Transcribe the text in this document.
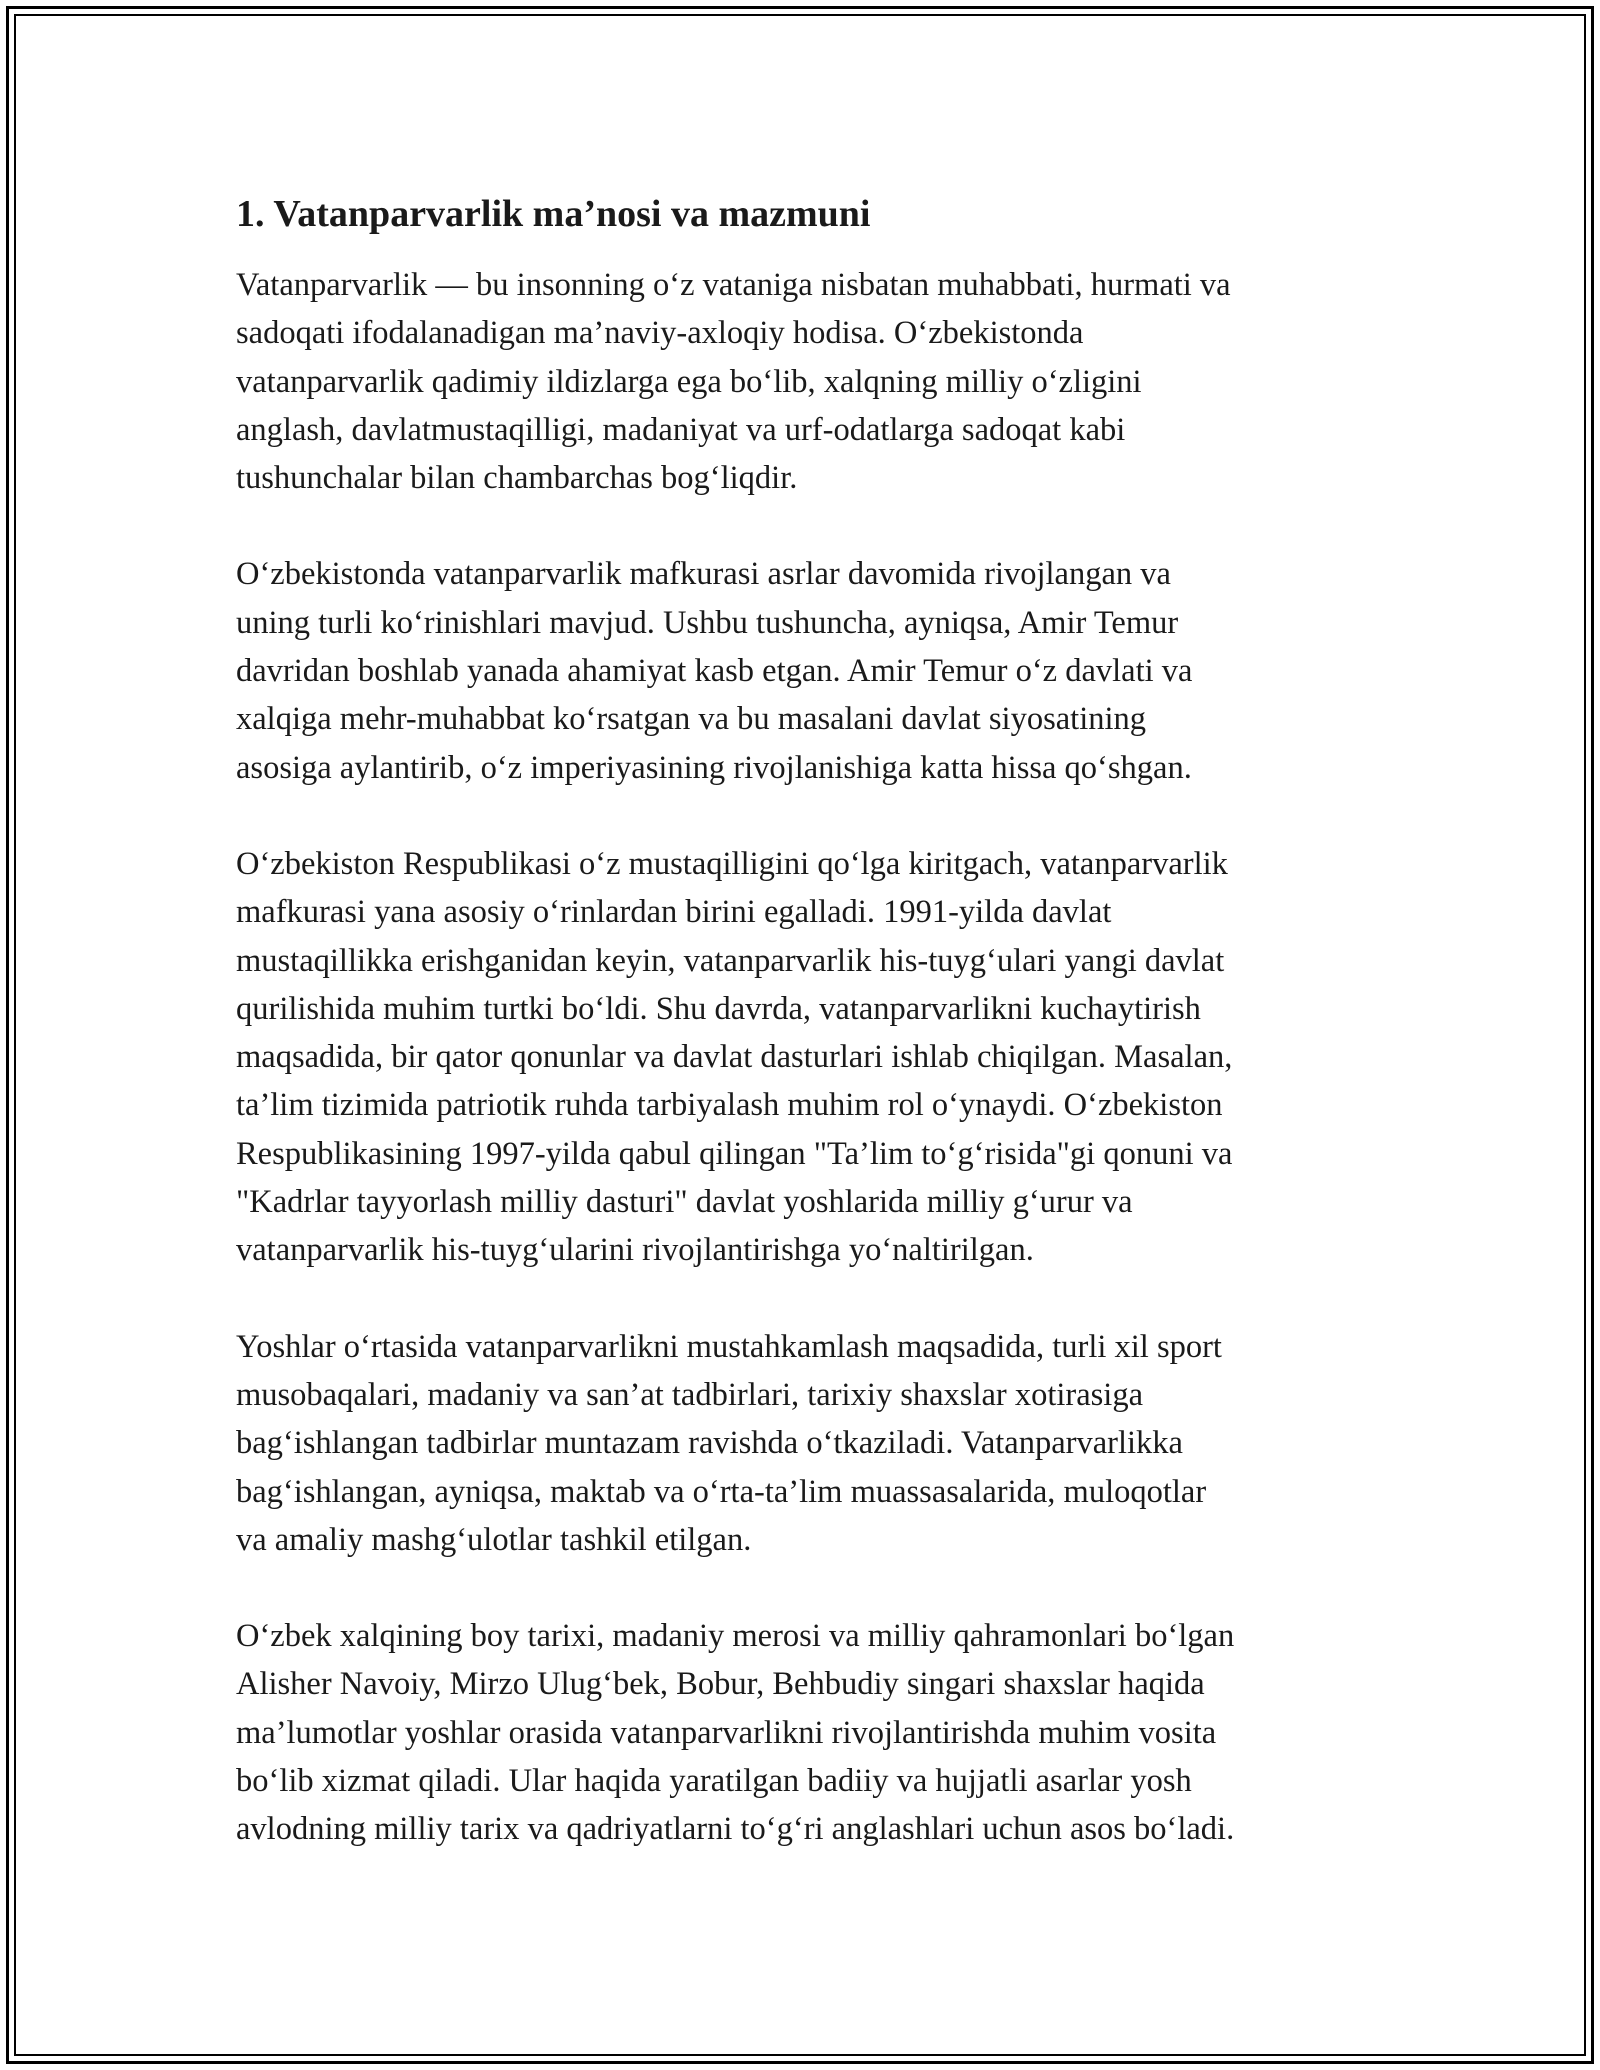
1. Vatanparvarlik ma’nosi va mazmuni

Vatanparvarlik — bu insonning o‘z vataniga nisbatan muhabbati, hurmati va
sadoqati ifodalanadigan ma’naviy-axloqiy hodisa. O‘zbekistonda
vatanparvarlik qadimiy ildizlarga ega bo‘lib, xalqning milliy o‘zligini
anglash, davlatmustaqilligi, madaniyat va urf-odatlarga sadoqat kabi
tushunchalar bilan chambarchas bog‘liqdir.

O‘zbekistonda vatanparvarlik mafkurasi asrlar davomida rivojlangan va
uning turli ko‘rinishlari mavjud. Ushbu tushuncha, ayniqsa, Amir Temur
davridan boshlab yanada ahamiyat kasb etgan. Amir Temur o‘z davlati va
xalqiga mehr-muhabbat ko‘rsatgan va bu masalani davlat siyosatining
asosiga aylantirib, o‘z imperiyasining rivojlanishiga katta hissa qo‘shgan.

O‘zbekiston Respublikasi o‘z mustaqilligini qo‘lga kiritgach, vatanparvarlik
mafkurasi yana asosiy o‘rinlardan birini egalladi. 1991-yilda davlat
mustaqillikka erishganidan keyin, vatanparvarlik his-tuyg‘ulari yangi davlat
qurilishida muhim turtki bo‘ldi. Shu davrda, vatanparvarlikni kuchaytirish
maqsadida, bir qator qonunlar va davlat dasturlari ishlab chiqilgan. Masalan,
ta’lim tizimida patriotik ruhda tarbiyalash muhim rol o‘ynaydi. O‘zbekiston
Respublikasining 1997-yilda qabul qilingan "Ta’lim to‘g‘risida"gi qonuni va
"Kadrlar tayyorlash milliy dasturi" davlat yoshlarida milliy g‘urur va
vatanparvarlik his-tuyg‘ularini rivojlantirishga yo‘naltirilgan.

Yoshlar o‘rtasida vatanparvarlikni mustahkamlash maqsadida, turli xil sport
musobaqalari, madaniy va san’at tadbirlari, tarixiy shaxslar xotirasiga
bag‘ishlangan tadbirlar muntazam ravishda o‘tkaziladi. Vatanparvarlikka
bag‘ishlangan, ayniqsa, maktab va o‘rta-ta’lim muassasalarida, muloqotlar
va amaliy mashg‘ulotlar tashkil etilgan.

O‘zbek xalqining boy tarixi, madaniy merosi va milliy qahramonlari bo‘lgan
Alisher Navoiy, Mirzo Ulug‘bek, Bobur, Behbudiy singari shaxslar haqida
ma’lumotlar yoshlar orasida vatanparvarlikni rivojlantirishda muhim vosita
bo‘lib xizmat qiladi. Ular haqida yaratilgan badiiy va hujjatli asarlar yosh
avlodning milliy tarix va qadriyatlarni to‘g‘ri anglashlari uchun asos bo‘ladi.
